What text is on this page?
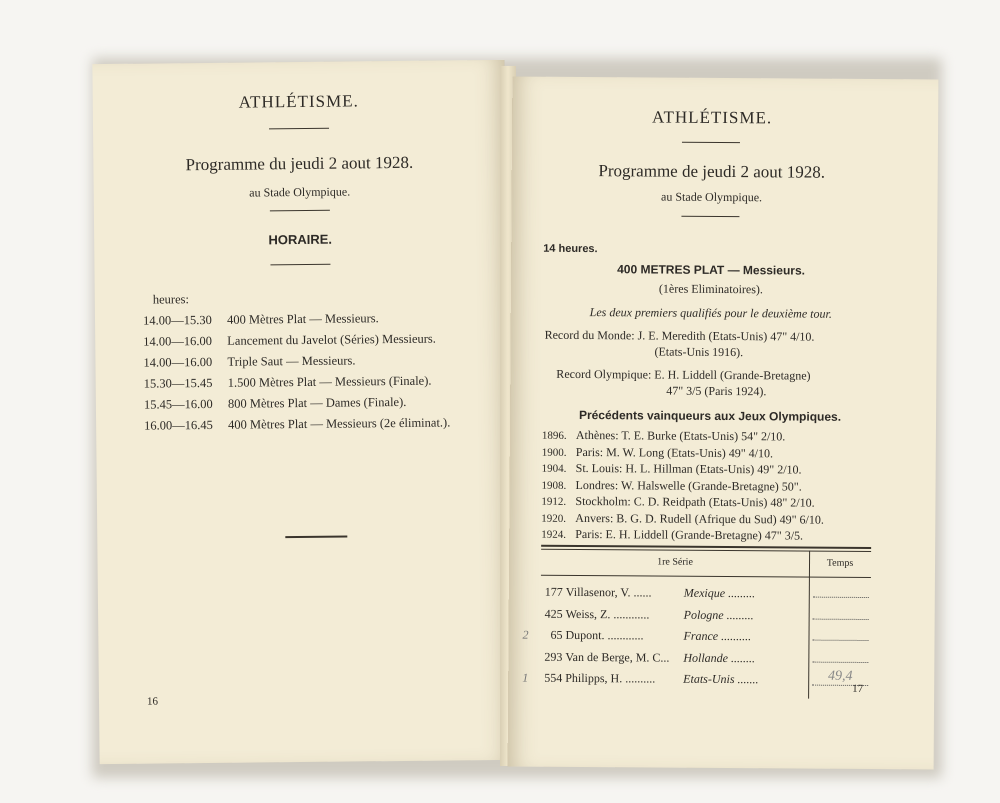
ATHLÉTISME.
Programme du jeudi 2 aout 1928.
au Stade Olympique.
HORAIRE.
heures:
14.00—15.30 400 Mètres Plat — Messieurs.
14.00—16.00 Lancement du Javelot (Séries) Messieurs.
14.00—16.00 Triple Saut — Messieurs.
15.30—15.45 1.500 Mètres Plat — Messieurs (Finale).
15.45—16.00 800 Mètres Plat — Dames (Finale).
16.00—16.45 400 Mètres Plat — Messieurs (2e éliminat.).
16
ATHLÉTISME.
Programme de jeudi 2 aout 1928.
au Stade Olympique.
14 heures.
400 METRES PLAT — Messieurs.
(1ères Eliminatoires).
Les deux premiers qualifiés pour le deuxième tour.
Record du Monde: J. E. Meredith (Etats-Unis) 47" 4/10.
(Etats-Unis 1916).
Record Olympique: E. H. Liddell (Grande-Bretagne)
47" 3/5 (Paris 1924).
Précédents vainqueurs aux Jeux Olympiques.
1896. Athènes: T. E. Burke (Etats-Unis) 54" 2/10.
1900. Paris: M. W. Long (Etats-Unis) 49" 4/10.
1904. St. Louis: H. L. Hillman (Etats-Unis) 49" 2/10.
1908. Londres: W. Halswelle (Grande-Bretagne) 50".
1912. Stockholm: C. D. Reidpath (Etats-Unis) 48" 2/10.
1920. Anvers: B. G. D. Rudell (Afrique du Sud) 49" 6/10.
1924. Paris: E. H. Liddell (Grande-Bretagne) 47" 3/5.
1re Série	Temps
177 Villasenor, V. ......	Mexique .........
425 Weiss, Z. ............	Pologne .........
2 65 Dupont. ............	France ..........
293 Van de Berge, M. C... Hollande ........
1 554 Philipps, H. .......... Etats-Unis .......	49,4
17
